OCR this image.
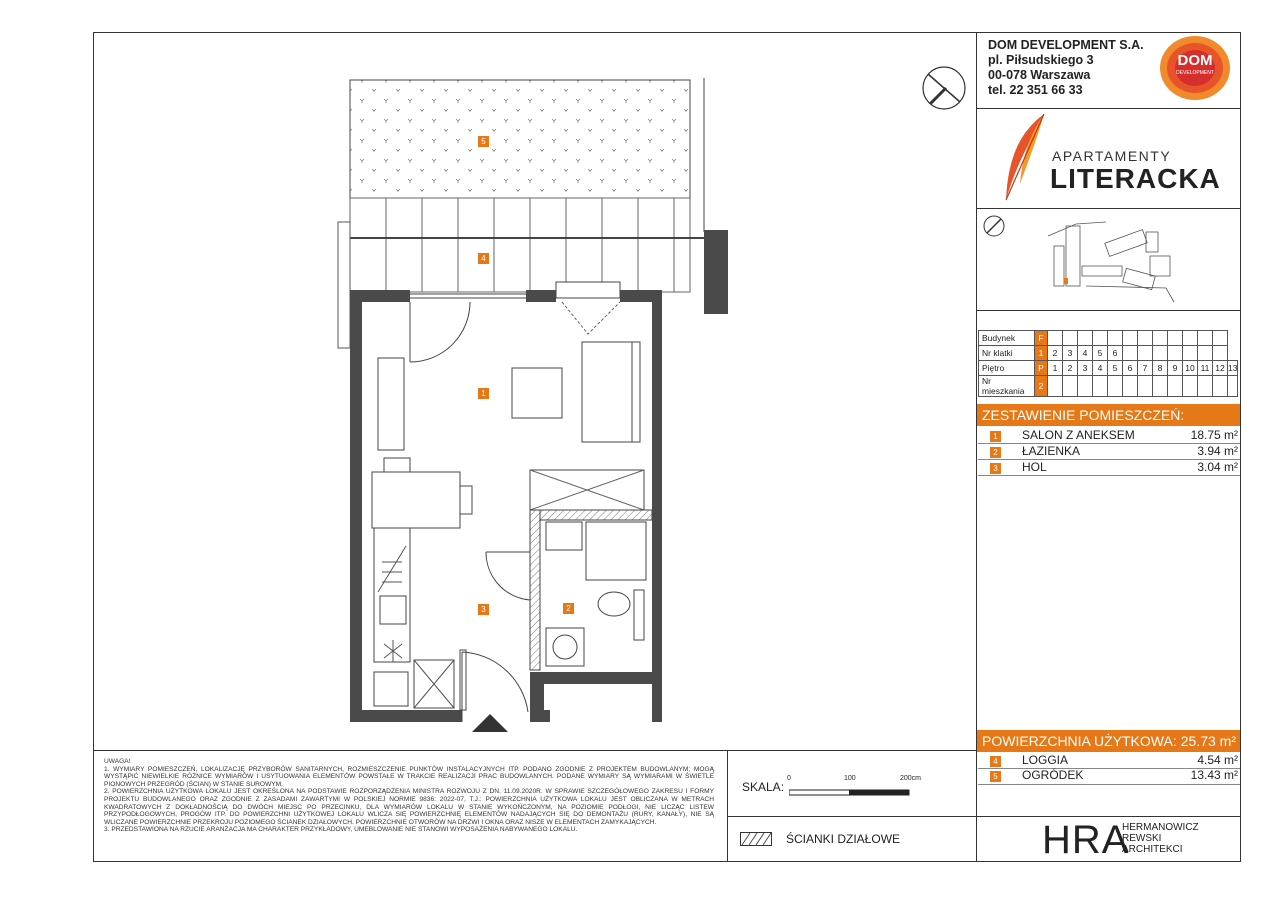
DOM DEVELOPMENT S.A.
pl. Piłsudskiego 3
00-078 Warszawa
tel. 22 351 66 33
DOM
DEVELOPMENT
APARTAMENTY
LITERACKA
Budynek	F													
Nr klatki	1	2	3	4	5	6								
Piętro	P	1	2	3	4	5	6	7	8	9	10	11	12	13
Nr mieszkania	2													
ZESTAWIENIE POMIESZCZEŃ:
1 SALON Z ANEKSEM	18.75 m²
2 ŁAZIENKA	3.94 m²
3 HOL	3.04 m²
POWIERZCHNIA UŻYTKOWA: 25.73 m²
4 LOGGIA	4.54 m²
5 OGRÓDEK	13.43 m²
HRA
HERMANOWICZ
REWSKI
ARCHITEKCI
UWAGA!
1. WYMIARY POMIESZCZEŃ, LOKALIZACJĘ PRZYBORÓW SANITARNYCH, ROZMIESZCZENIE PUNKTÓW INSTALACYJNYCH ITP. PODANO ZGODNIE Z PROJEKTEM BUDOWLANYM; MOGĄ WYSTĄPIĆ NIEWIELKIE RÓŻNICE WYMIARÓW I USYTUOWANIA ELEMENTÓW POWSTAŁE W TRAKCIE REALIZACJI PRAC BUDOWLANYCH. PODANE WYMIARY SĄ WYMIARAMI W ŚWIETLE PIONOWYCH PRZEGRÓD (ŚCIAN) W STANIE SUROWYM.
2. POWIERZCHNIA UŻYTKOWA LOKALU JEST OKREŚLONA NA PODSTAWIE ROZPORZĄDZENIA MINISTRA ROZWOJU Z DN. 11.09.2020R. W SPRAWIE SZCZEGÓŁOWEGO ZAKRESU I FORMY PROJEKTU BUDOWLANEGO ORAZ ZGODNIE Z ZASADAMI ZAWARTYMI W POLSKIEJ NORMIE 9836: 2022-07, T.J.: POWIERZCHNIA UŻYTKOWA LOKALU JEST OBLICZANA W METRACH KWADRATOWYCH Z DOKŁADNOŚCIĄ DO DWÓCH MIEJSC PO PRZECINKU, DLA WYMIARÓW LOKALU W STANIE WYKOŃCZONYM, NA POZIOMIE PODŁOGI, NIE LICZĄC LISTEW PRZYPODŁOGOWYCH, PROGÓW ITP. DO POWIERZCHNI UŻYTKOWEJ LOKALU WLICZA SIĘ POWIERZCHNIĘ ELEMENTÓW NADAJĄCYCH SIĘ DO DEMONTAŻU (RURY, KANAŁY), NIE SĄ WLICZANE POWIERZCHNIE PRZEKROJU POZIOMEGO ŚCIANEK DZIAŁOWYCH. POWIERZCHNIE OTWORÓW NA DRZWI I OKNA ORAZ NISZE W ELEMENTACH ZAMYKAJĄCYCH.
3. PRZEDSTAWIONA NA RZUCIE ARANŻACJA MA CHARAKTER PRZYKŁADOWY, UMEBLOWANIE NIE STANOWI WYPOSAŻENIA NABYWANEGO LOKALU.
SKALA:
0	100	200cm
ŚCIANKI DZIAŁOWE
5
4
1
3	2
